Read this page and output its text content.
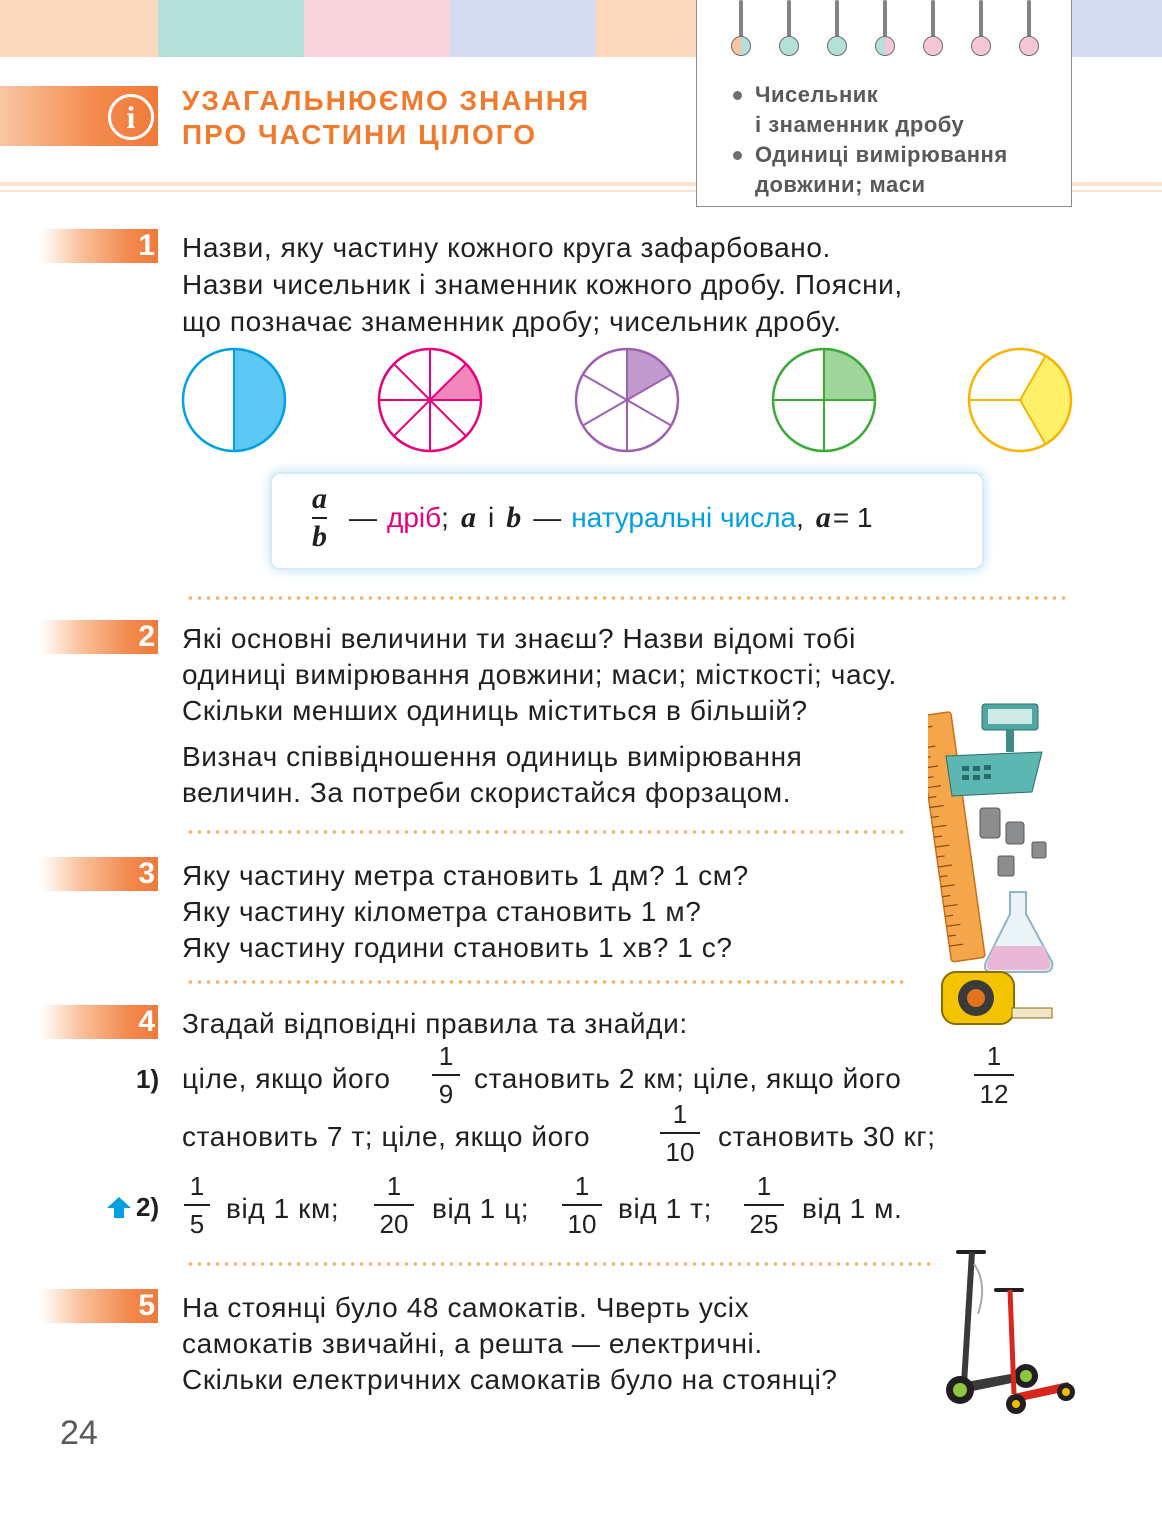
i	УЗАГАЛЬНЮЄМО ЗНАННЯ
ПРО ЧАСТИНИ ЦІЛОГО
Чисельник
і знаменник дробу
Одиниці вимірювання
довжини; маси
1 Назви, яку частину кожного круга зафарбовано.
Назви чисельник і знаменник кожного дробу. Поясни,
що позначає знаменник дробу; чисельник дробу.
$\frac{a}{b}$ — дріб ; a і b — натуральні числа , a = 1
2 Які основні величини ти знаєш? Назви відомі тобі
одиниці вимірювання довжини; маси; місткості; часу.
Скільки менших одиниць міститься в більшій?
Визнач співвідношення одиниць вимірювання
величин. За потреби скористайся форзацом.
3 Яку частину метра становить 1 дм? 1 см?
Яку частину кілометра становить 1 м?
Яку частину години становить 1 хв? 1 с?
4 Згадай відповідні правила та знайди:
1) ціле, якщо його
1
9 становить 2 км; ціле, якщо його
1
12
становить 7 т; ціле, якщо його
1
10 становить 30 кг;
2)
1
5 від 1 км;
1
20 від 1 ц;
1
10 від 1 т;
1
25 від 1 м.
5 На стоянці було 48 самокатів. Чверть усіх
самокатів звичайні, а решта — електричні.
Скільки електричних самокатів було на стоянці?
24
